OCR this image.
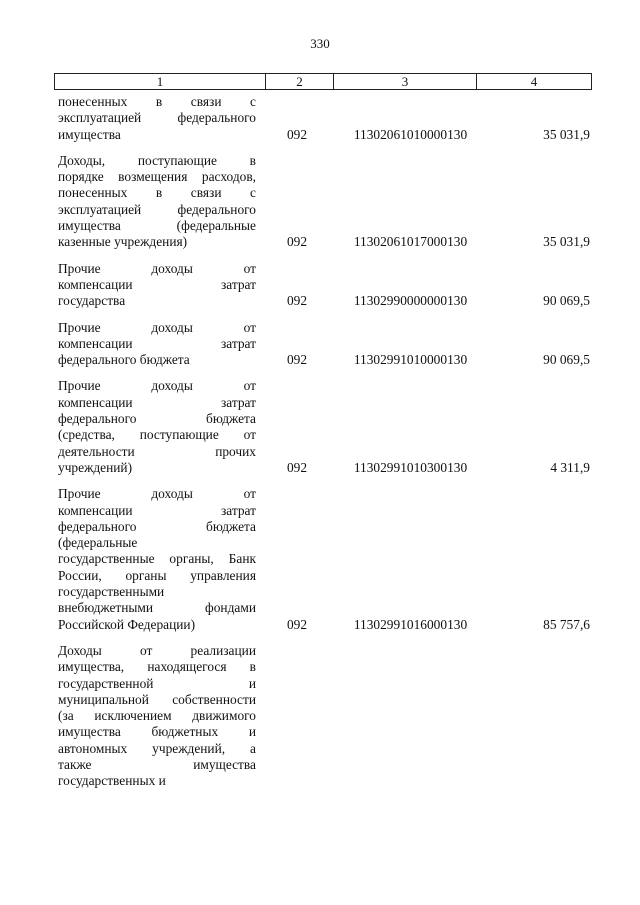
330
1	2	3	4
понесенных в связи с
эксплуатацией федерального
имущества	092	11302061010000130	35 031,9
Доходы, поступающие в
порядке возмещения расходов,
понесенных в связи с
эксплуатацией федерального
имущества (федеральные
казенные учреждения)	092	11302061017000130	35 031,9
Прочие доходы от
компенсации затрат
государства	092	11302990000000130	90 069,5
Прочие доходы от
компенсации затрат
федерального бюджета	092	11302991010000130	90 069,5
Прочие доходы от
компенсации затрат
федерального бюджета
(средства, поступающие от
деятельности прочих
учреждений)	092	11302991010300130	4 311,9
Прочие доходы от
компенсации затрат
федерального бюджета
(федеральные
государственные органы, Банк
России, органы управления
государственными
внебюджетными фондами
Российской Федерации)	092	11302991016000130	85 757,6
Доходы от реализации
имущества, находящегося в
государственной и
муниципальной собственности
(за исключением движимого
имущества бюджетных и
автономных учреждений, а
также имущества
государственных и
